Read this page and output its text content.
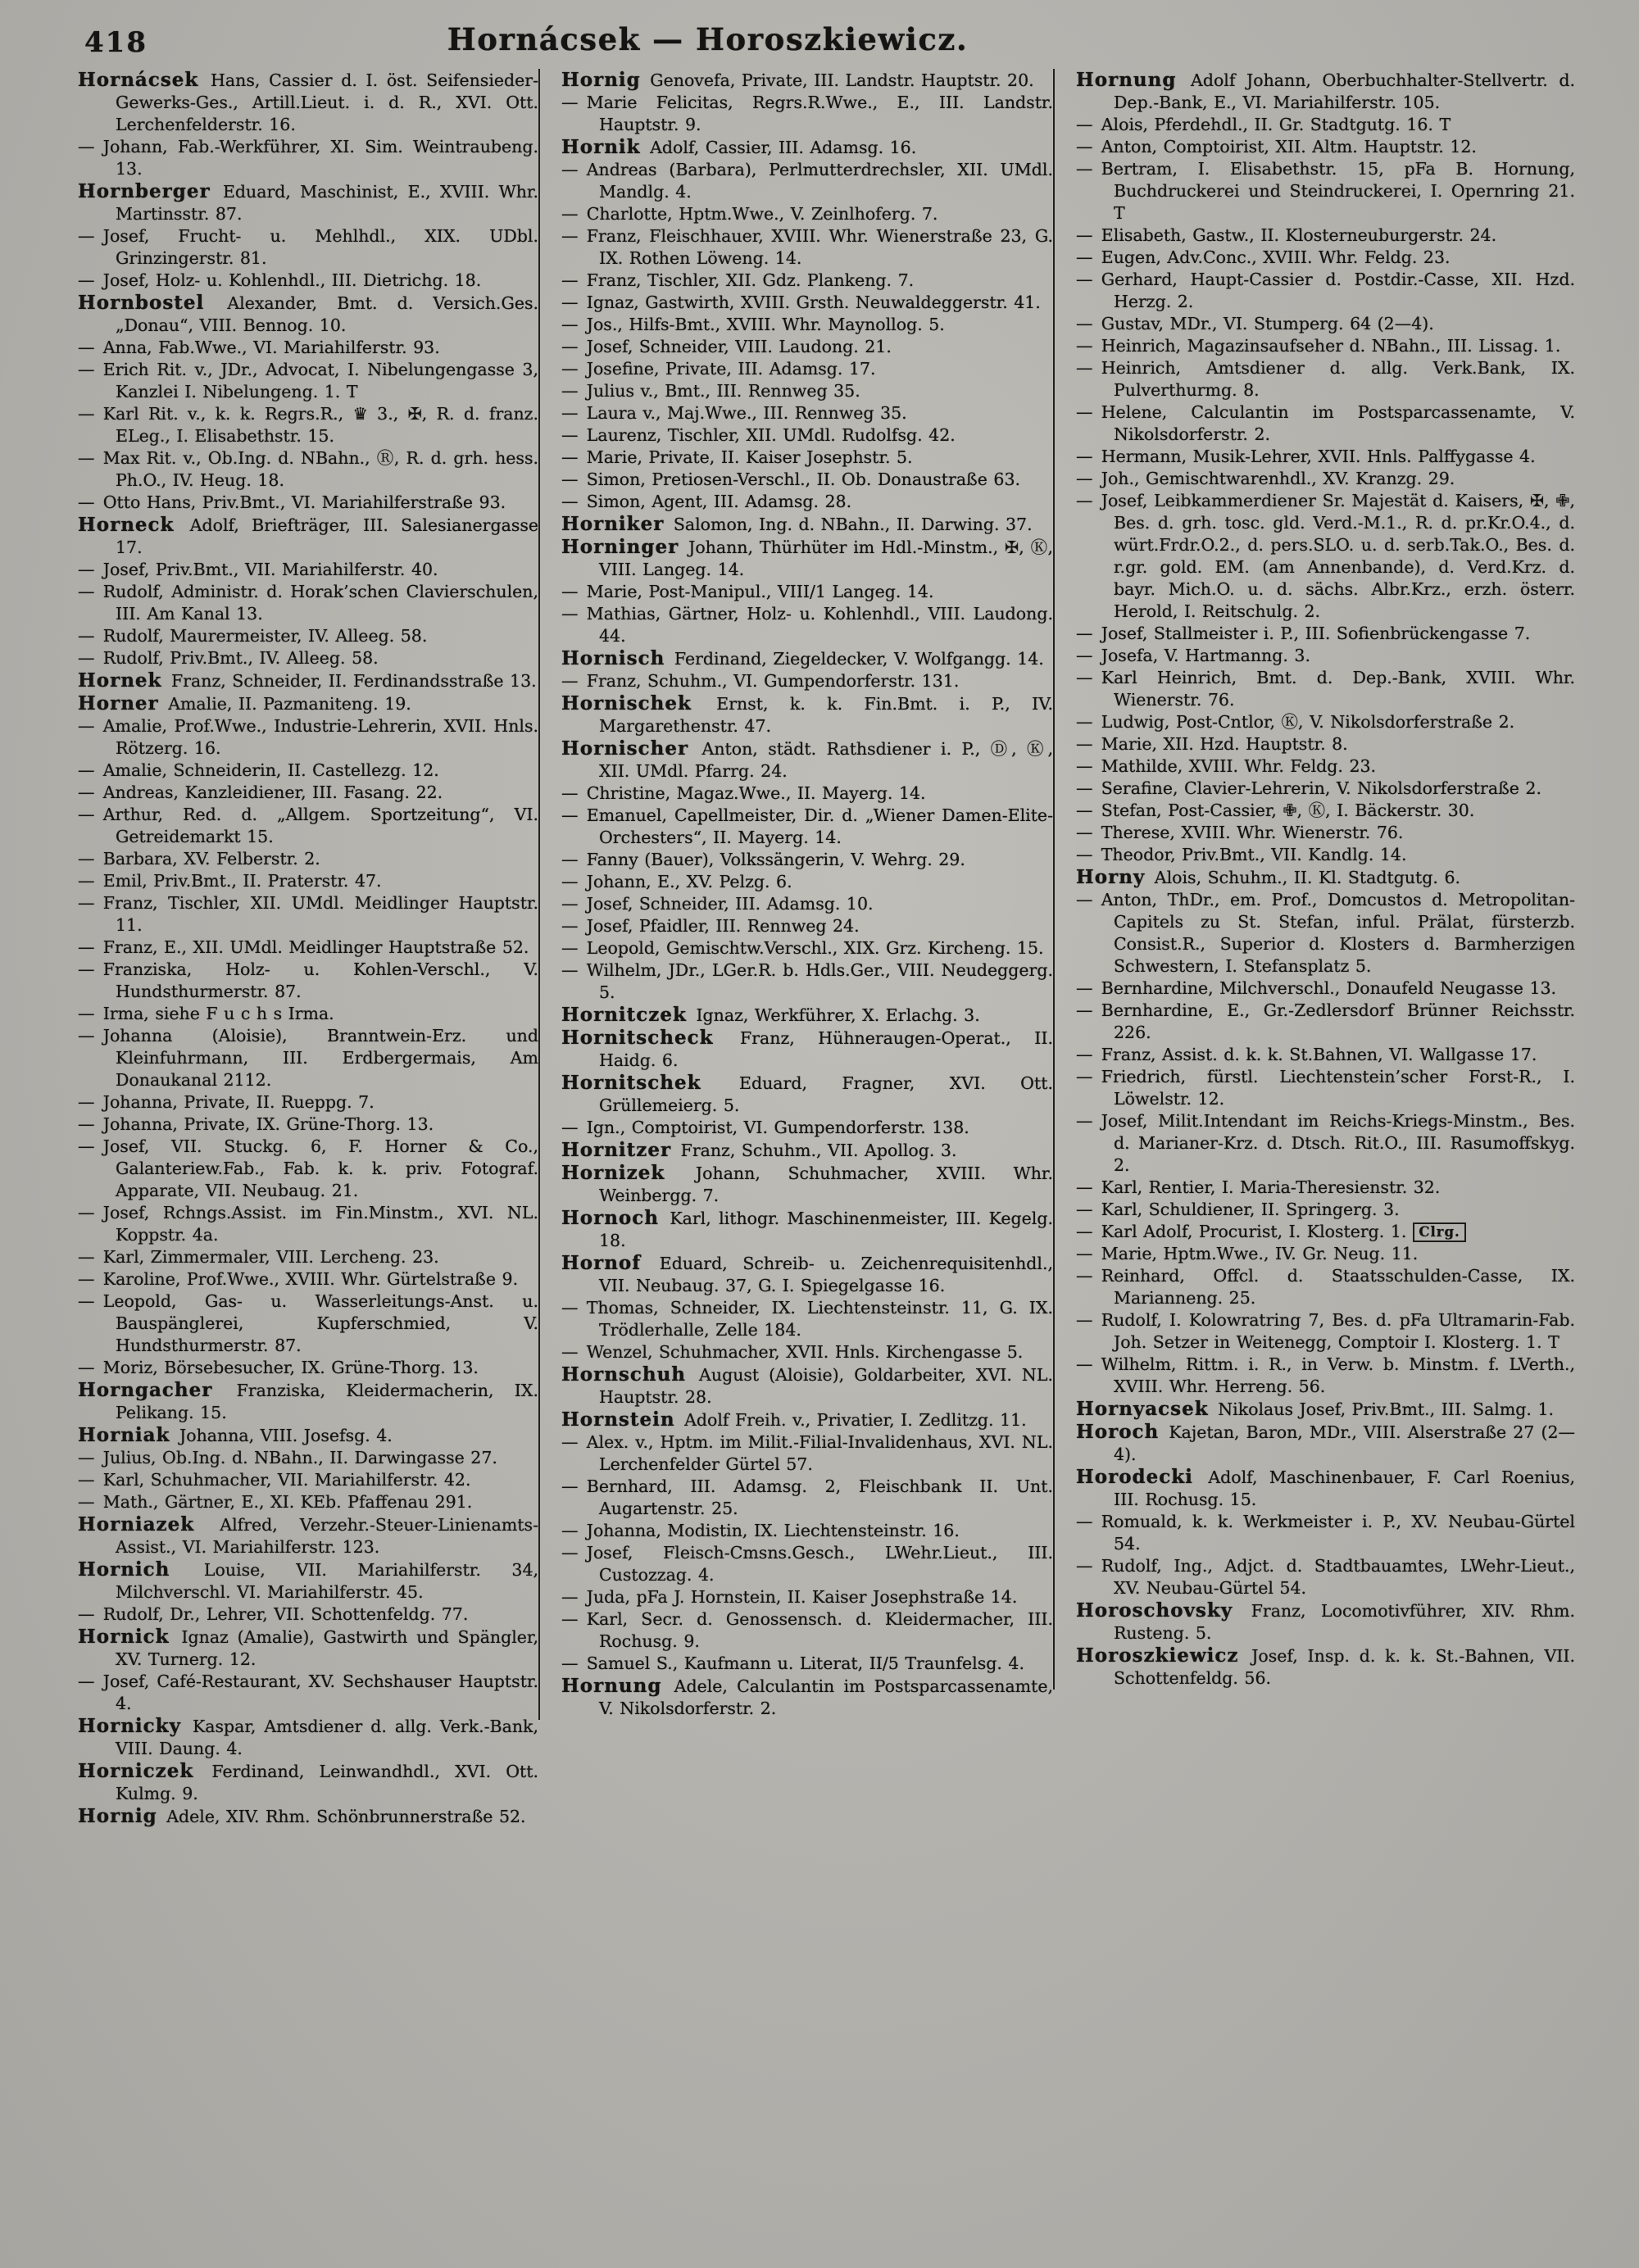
418	Hornácsek — Horoszkiewicz.
Hornácsek Hans, Cassier d. I. öst. Seifensieder-Gewerks-Ges., Artill.Lieut. i. d. R., XVI. Ott. Lerchenfelderstr. 16.
— Johann, Fab.-Werkführer, XI. Sim. Weintraubeng. 13.
Hornberger Eduard, Maschinist, E., XVIII. Whr. Martinsstr. 87.
— Josef, Frucht- u. Mehlhdl., XIX. UDbl. Grinzingerstr. 81.
— Josef, Holz- u. Kohlenhdl., III. Dietrichg. 18.
Hornbostel Alexander, Bmt. d. Versich.Ges. „Donau“, VIII. Bennog. 10.
— Anna, Fab.Wwe., VI. Mariahilferstr. 93.
— Erich Rit. v., JDr., Advocat, I. Nibelungengasse 3, Kanzlei I. Nibelungeng. 1. T
— Karl Rit. v., k. k. Regrs.R., ♛ 3., ✠, R. d. franz. ELeg., I. Elisabethstr. 15.
— Max Rit. v., Ob.Ing. d. NBahn., Ⓡ, R. d. grh. hess. Ph.O., IV. Heug. 18.
— Otto Hans, Priv.Bmt., VI. Mariahilferstraße 93.
Horneck Adolf, Briefträger, III. Salesianergasse 17.
— Josef, Priv.Bmt., VII. Mariahilferstr. 40.
— Rudolf, Administr. d. Horak’schen Clavierschulen, III. Am Kanal 13.
— Rudolf, Maurermeister, IV. Alleeg. 58.
— Rudolf, Priv.Bmt., IV. Alleeg. 58.
Hornek Franz, Schneider, II. Ferdinandsstraße 13.
Horner Amalie, II. Pazmaniteng. 19.
— Amalie, Prof.Wwe., Industrie-Lehrerin, XVII. Hnls. Rötzerg. 16.
— Amalie, Schneiderin, II. Castellezg. 12.
— Andreas, Kanzleidiener, III. Fasang. 22.
— Arthur, Red. d. „Allgem. Sportzeitung“, VI. Getreidemarkt 15.
— Barbara, XV. Felberstr. 2.
— Emil, Priv.Bmt., II. Praterstr. 47.
— Franz, Tischler, XII. UMdl. Meidlinger Hauptstr. 11.
— Franz, E., XII. UMdl. Meidlinger Hauptstraße 52.
— Franziska, Holz- u. Kohlen-Verschl., V. Hundsthurmerstr. 87.
— Irma, siehe F u c h s Irma.
— Johanna (Aloisie), Branntwein-Erz. und Kleinfuhrmann, III. Erdbergermais, Am Donaukanal 2112.
— Johanna, Private, II. Rueppg. 7.
— Johanna, Private, IX. Grüne-Thorg. 13.
— Josef, VII. Stuckg. 6, F. Horner & Co., Galanteriew.Fab., Fab. k. k. priv. Fotograf. Apparate, VII. Neubaug. 21.
— Josef, Rchngs.Assist. im Fin.Minstm., XVI. NL. Koppstr. 4a.
— Karl, Zimmermaler, VIII. Lercheng. 23.
— Karoline, Prof.Wwe., XVIII. Whr. Gürtelstraße 9.
— Leopold, Gas- u. Wasserleitungs-Anst. u. Bauspänglerei, Kupferschmied, V. Hundsthurmerstr. 87.
— Moriz, Börsebesucher, IX. Grüne-Thorg. 13.
Horngacher Franziska, Kleidermacherin, IX. Pelikang. 15.
Horniak Johanna, VIII. Josefsg. 4.
— Julius, Ob.Ing. d. NBahn., II. Darwingasse 27.
— Karl, Schuhmacher, VII. Mariahilferstr. 42.
— Math., Gärtner, E., XI. KEb. Pfaffenau 291.
Horniazek Alfred, Verzehr.-Steuer-Linienamts-Assist., VI. Mariahilferstr. 123.
Hornich Louise, VII. Mariahilferstr. 34, Milchverschl. VI. Mariahilferstr. 45.
— Rudolf, Dr., Lehrer, VII. Schottenfeldg. 77.
Hornick Ignaz (Amalie), Gastwirth und Spängler, XV. Turnerg. 12.
— Josef, Café-Restaurant, XV. Sechshauser Hauptstr. 4.
Hornicky Kaspar, Amtsdiener d. allg. Verk.-Bank, VIII. Daung. 4.
Horniczek Ferdinand, Leinwandhdl., XVI. Ott. Kulmg. 9.
Hornig Adele, XIV. Rhm. Schönbrunnerstraße 52.
Hornig Genovefa, Private, III. Landstr. Hauptstr. 20.
— Marie Felicitas, Regrs.R.Wwe., E., III. Landstr. Hauptstr. 9.
Hornik Adolf, Cassier, III. Adamsg. 16.
— Andreas (Barbara), Perlmutterdrechsler, XII. UMdl. Mandlg. 4.
— Charlotte, Hptm.Wwe., V. Zeinlhoferg. 7.
— Franz, Fleischhauer, XVIII. Whr. Wienerstraße 23, G. IX. Rothen Löweng. 14.
— Franz, Tischler, XII. Gdz. Plankeng. 7.
— Ignaz, Gastwirth, XVIII. Grsth. Neuwaldeggerstr. 41.
— Jos., Hilfs-Bmt., XVIII. Whr. Maynollog. 5.
— Josef, Schneider, VIII. Laudong. 21.
— Josefine, Private, III. Adamsg. 17.
— Julius v., Bmt., III. Rennweg 35.
— Laura v., Maj.Wwe., III. Rennweg 35.
— Laurenz, Tischler, XII. UMdl. Rudolfsg. 42.
— Marie, Private, II. Kaiser Josephstr. 5.
— Simon, Pretiosen-Verschl., II. Ob. Donaustraße 63.
— Simon, Agent, III. Adamsg. 28.
Horniker Salomon, Ing. d. NBahn., II. Darwing. 37.
Horninger Johann, Thürhüter im Hdl.-Minstm., ✠, Ⓚ, VIII. Langeg. 14.
— Marie, Post-Manipul., VIII/1 Langeg. 14.
— Mathias, Gärtner, Holz- u. Kohlenhdl., VIII. Laudong. 44.
Hornisch Ferdinand, Ziegeldecker, V. Wolfgangg. 14.
— Franz, Schuhm., VI. Gumpendorferstr. 131.
Hornischek Ernst, k. k. Fin.Bmt. i. P., IV. Margarethenstr. 47.
Hornischer Anton, städt. Rathsdiener i. P., Ⓓ, Ⓚ, XII. UMdl. Pfarrg. 24.
— Christine, Magaz.Wwe., II. Mayerg. 14.
— Emanuel, Capellmeister, Dir. d. „Wiener Damen-Elite-Orchesters“, II. Mayerg. 14.
— Fanny (Bauer), Volkssängerin, V. Wehrg. 29.
— Johann, E., XV. Pelzg. 6.
— Josef, Schneider, III. Adamsg. 10.
— Josef, Pfaidler, III. Rennweg 24.
— Leopold, Gemischtw.Verschl., XIX. Grz. Kircheng. 15.
— Wilhelm, JDr., LGer.R. b. Hdls.Ger., VIII. Neudeggerg. 5.
Hornitczek Ignaz, Werkführer, X. Erlachg. 3.
Hornitscheck Franz, Hühneraugen-Operat., II. Haidg. 6.
Hornitschek Eduard, Fragner, XVI. Ott. Grüllemeierg. 5.
— Ign., Comptoirist, VI. Gumpendorferstr. 138.
Hornitzer Franz, Schuhm., VII. Apollog. 3.
Hornizek Johann, Schuhmacher, XVIII. Whr. Weinbergg. 7.
Hornoch Karl, lithogr. Maschinenmeister, III. Kegelg. 18.
Hornof Eduard, Schreib- u. Zeichenrequisitenhdl., VII. Neubaug. 37, G. I. Spiegelgasse 16.
— Thomas, Schneider, IX. Liechtensteinstr. 11, G. IX. Trödlerhalle, Zelle 184.
— Wenzel, Schuhmacher, XVII. Hnls. Kirchengasse 5.
Hornschuh August (Aloisie), Goldarbeiter, XVI. NL. Hauptstr. 28.
Hornstein Adolf Freih. v., Privatier, I. Zedlitzg. 11.
— Alex. v., Hptm. im Milit.-Filial-Invalidenhaus, XVI. NL. Lerchenfelder Gürtel 57.
— Bernhard, III. Adamsg. 2, Fleischbank II. Unt. Augartenstr. 25.
— Johanna, Modistin, IX. Liechtensteinstr. 16.
— Josef, Fleisch-Cmsns.Gesch., LWehr.Lieut., III. Custozzag. 4.
— Juda, pFa J. Hornstein, II. Kaiser Josephstraße 14.
— Karl, Secr. d. Genossensch. d. Kleidermacher, III. Rochusg. 9.
— Samuel S., Kaufmann u. Literat, II/5 Traunfelsg. 4.
Hornung Adele, Calculantin im Postsparcassenamte, V. Nikolsdorferstr. 2.
Hornung Adolf Johann, Oberbuchhalter-Stellvertr. d. Dep.-Bank, E., VI. Mariahilferstr. 105.
— Alois, Pferdehdl., II. Gr. Stadtgutg. 16. T
— Anton, Comptoirist, XII. Altm. Hauptstr. 12.
— Bertram, I. Elisabethstr. 15, pFa B. Hornung, Buchdruckerei und Steindruckerei, I. Opernring 21. T
— Elisabeth, Gastw., II. Klosterneuburgerstr. 24.
— Eugen, Adv.Conc., XVIII. Whr. Feldg. 23.
— Gerhard, Haupt-Cassier d. Postdir.-Casse, XII. Hzd. Herzg. 2.
— Gustav, MDr., VI. Stumperg. 64 (2—4).
— Heinrich, Magazinsaufseher d. NBahn., III. Lissag. 1.
— Heinrich, Amtsdiener d. allg. Verk.Bank, IX. Pulverthurmg. 8.
— Helene, Calculantin im Postsparcassenamte, V. Nikolsdorferstr. 2.
— Hermann, Musik-Lehrer, XVII. Hnls. Palffygasse 4.
— Joh., Gemischtwarenhdl., XV. Kranzg. 29.
— Josef, Leibkammerdiener Sr. Majestät d. Kaisers, ✠, ✙, Bes. d. grh. tosc. gld. Verd.-M.1., R. d. pr.Kr.O.4., d. würt.Frdr.O.2., d. pers.SLO. u. d. serb.Tak.O., Bes. d. r.gr. gold. EM. (am Annenbande), d. Verd.Krz. d. bayr. Mich.O. u. d. sächs. Albr.Krz., erzh. österr. Herold, I. Reitschulg. 2.
— Josef, Stallmeister i. P., III. Sofienbrückengasse 7.
— Josefa, V. Hartmanng. 3.
— Karl Heinrich, Bmt. d. Dep.-Bank, XVIII. Whr. Wienerstr. 76.
— Ludwig, Post-Cntlor, Ⓚ, V. Nikolsdorferstraße 2.
— Marie, XII. Hzd. Hauptstr. 8.
— Mathilde, XVIII. Whr. Feldg. 23.
— Serafine, Clavier-Lehrerin, V. Nikolsdorferstraße 2.
— Stefan, Post-Cassier, ✙, Ⓚ, I. Bäckerstr. 30.
— Therese, XVIII. Whr. Wienerstr. 76.
— Theodor, Priv.Bmt., VII. Kandlg. 14.
Horny Alois, Schuhm., II. Kl. Stadtgutg. 6.
— Anton, ThDr., em. Prof., Domcustos d. Metropolitan-Capitels zu St. Stefan, inful. Prälat, fürsterzb. Consist.R., Superior d. Klosters d. Barmherzigen Schwestern, I. Stefansplatz 5.
— Bernhardine, Milchverschl., Donaufeld Neugasse 13.
— Bernhardine, E., Gr.-Zedlersdorf Brünner Reichsstr. 226.
— Franz, Assist. d. k. k. St.Bahnen, VI. Wallgasse 17.
— Friedrich, fürstl. Liechtenstein’scher Forst-R., I. Löwelstr. 12.
— Josef, Milit.Intendant im Reichs-Kriegs-Minstm., Bes. d. Marianer-Krz. d. Dtsch. Rit.O., III. Rasumoffskyg. 2.
— Karl, Rentier, I. Maria-Theresienstr. 32.
— Karl, Schuldiener, II. Springerg. 3.
— Karl Adolf, Procurist, I. Klosterg. 1. Clrg.
— Marie, Hptm.Wwe., IV. Gr. Neug. 11.
— Reinhard, Offcl. d. Staatsschulden-Casse, IX. Marianneng. 25.
— Rudolf, I. Kolowratring 7, Bes. d. pFa Ultramarin-Fab. Joh. Setzer in Weitenegg, Comptoir I. Klosterg. 1. T
— Wilhelm, Rittm. i. R., in Verw. b. Minstm. f. LVerth., XVIII. Whr. Herreng. 56.
Hornyacsek Nikolaus Josef, Priv.Bmt., III. Salmg. 1.
Horoch Kajetan, Baron, MDr., VIII. Alserstraße 27 (2—4).
Horodecki Adolf, Maschinenbauer, F. Carl Roenius, III. Rochusg. 15.
— Romuald, k. k. Werkmeister i. P., XV. Neubau-Gürtel 54.
— Rudolf, Ing., Adjct. d. Stadtbauamtes, LWehr-Lieut., XV. Neubau-Gürtel 54.
Horoschovsky Franz, Locomotivführer, XIV. Rhm. Rusteng. 5.
Horoszkiewicz Josef, Insp. d. k. k. St.-Bahnen, VII. Schottenfeldg. 56.
